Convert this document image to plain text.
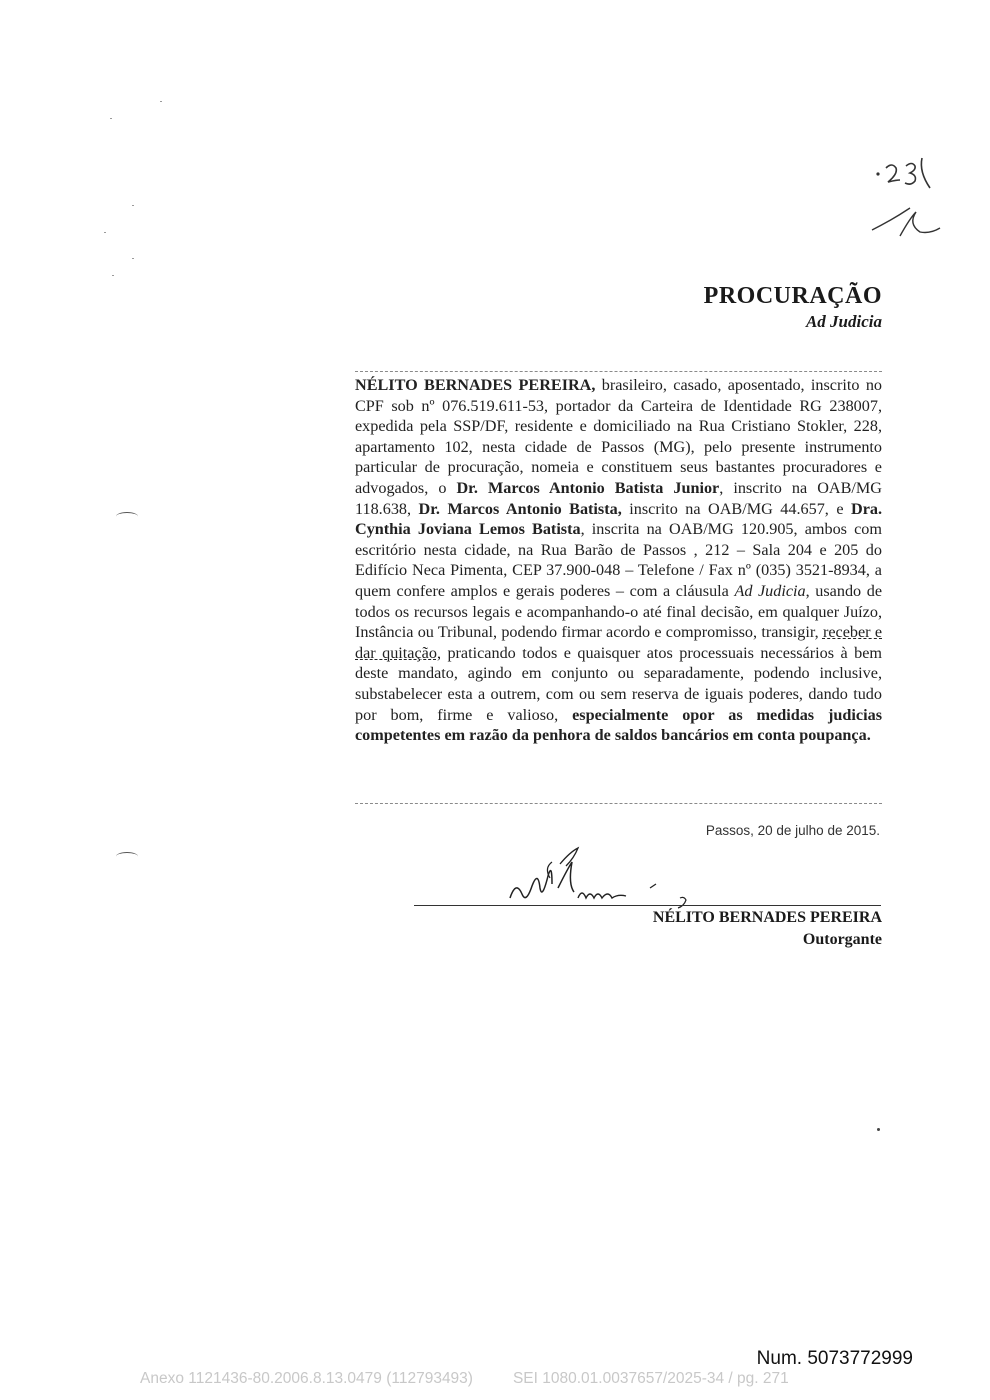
PROCURAÇÃO
Ad Judicia
NÉLITO BERNADES PEREIRA, brasileiro, casado, aposentado, inscrito no CPF sob nº 076.519.611-53, portador da Carteira de Identidade RG 238007, expedida pela SSP/DF, residente e domiciliado na Rua Cristiano Stokler, 228, apartamento 102, nesta cidade de Passos (MG), pelo presente instrumento particular de procuração, nomeia e constituem seus bastantes procuradores e advogados, o Dr. Marcos Antonio Batista Junior, inscrito na OAB/MG 118.638, Dr. Marcos Antonio Batista, inscrito na OAB/MG 44.657, e Dra. Cynthia Joviana Lemos Batista, inscrita na OAB/MG 120.905, ambos com escritório nesta cidade, na Rua Barão de Passos , 212 – Sala 204 e 205 do Edifício Neca Pimenta, CEP 37.900-048 – Telefone / Fax nº (035) 3521-8934, a quem confere amplos e gerais poderes – com a cláusula Ad Judicia, usando de todos os recursos legais e acompanhando-o até final decisão, em qualquer Juízo, Instância ou Tribunal, podendo firmar acordo e compromisso, transigir, receber e dar quitação, praticando todos e quaisquer atos processuais necessários à bem deste mandato, agindo em conjunto ou separadamente, podendo inclusive, substabelecer esta a outrem, com ou sem reserva de iguais poderes, dando tudo por bom, firme e valioso, especialmente opor as medidas judicias competentes em razão da penhora de saldos bancários em conta poupança.
Passos, 20 de julho de 2015.
NÉLITO BERNADES PEREIRA
Outorgante
Num. 5073772999
Anexo 1121436-80.2006.8.13.0479 (112793493)	SEI 1080.01.0037657/2025-34 / pg. 271
